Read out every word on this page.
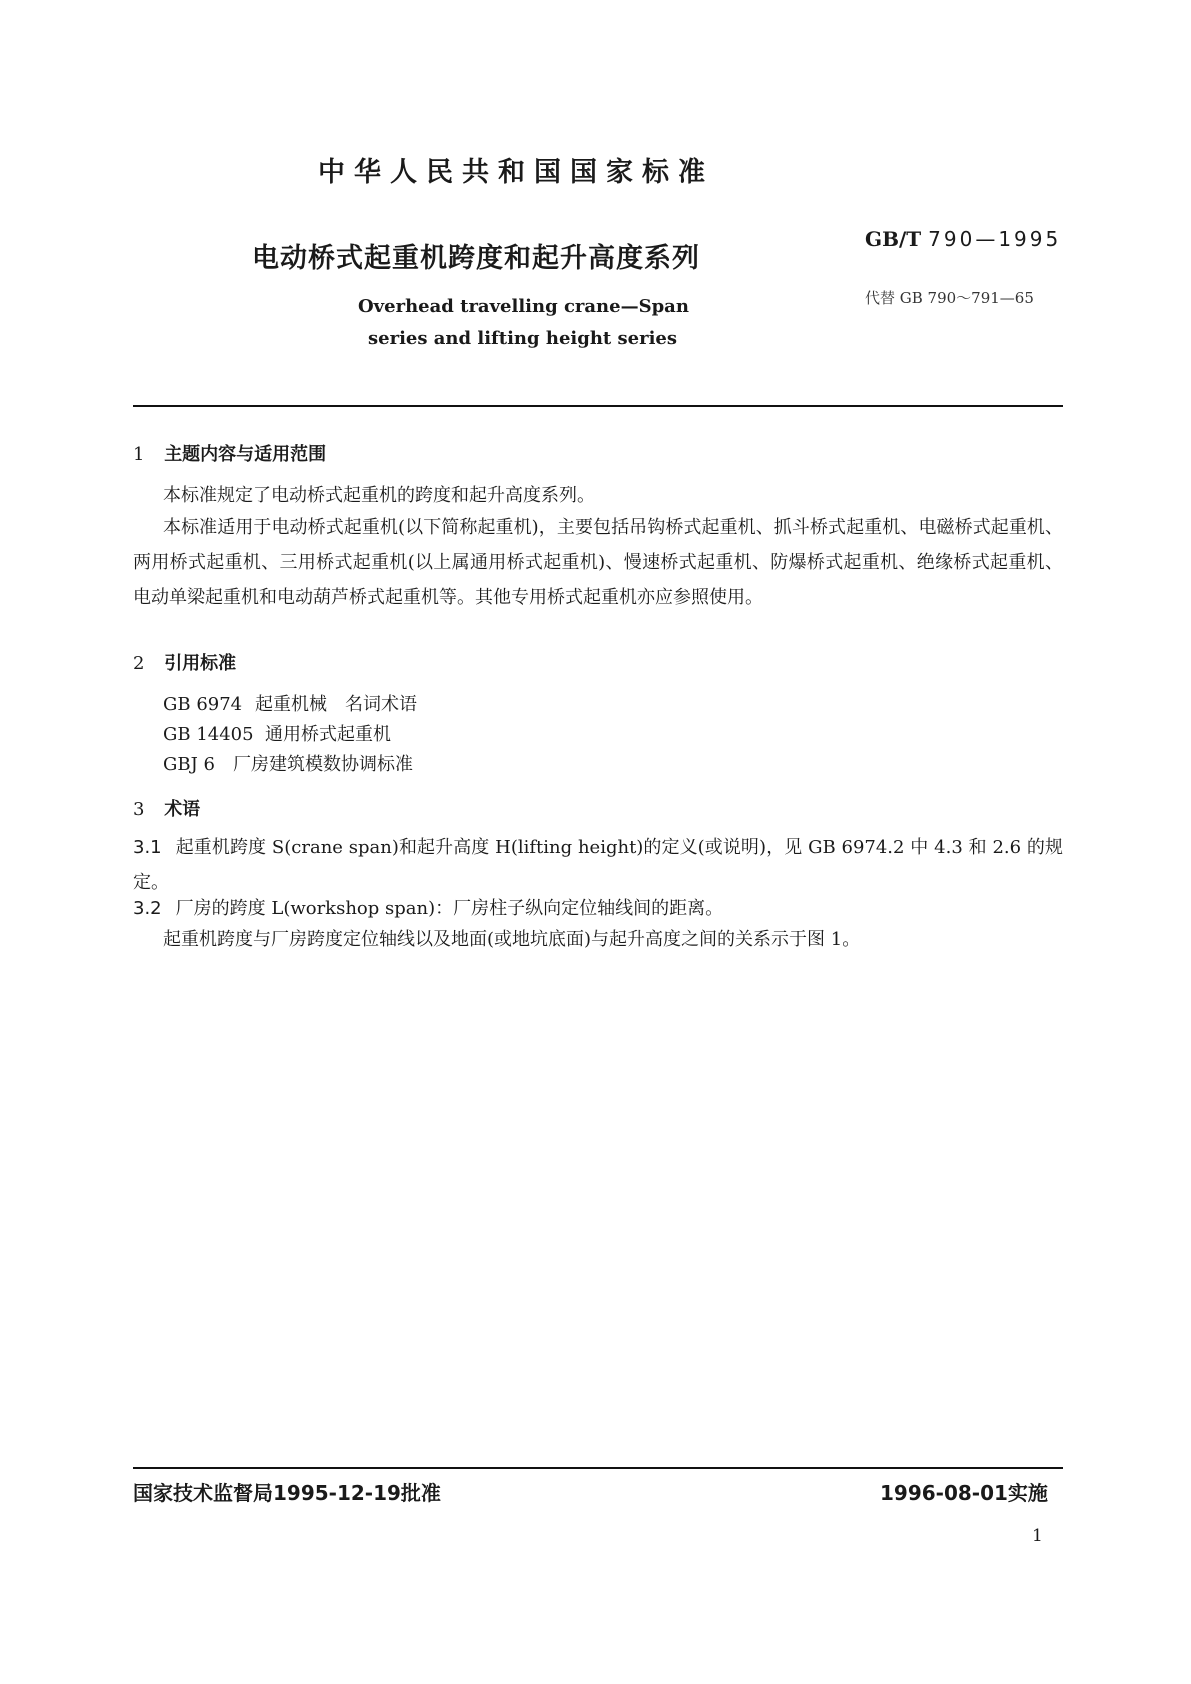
中华人民共和国国家标准
电动桥式起重机跨度和起升高度系列
Overhead travelling crane—Span
series and lifting height series
GB/T 790—1995
代替 GB 790～791—65
1 主题内容与适用范围
本标准规定了电动桥式起重机的跨度和起升高度系列。
本标准适用于电动桥式起重机(以下简称起重机)，主要包括吊钩桥式起重机、抓斗桥式起重机、电磁桥式起重机、两用桥式起重机、三用桥式起重机(以上属通用桥式起重机)、慢速桥式起重机、防爆桥式起重机、绝缘桥式起重机、电动单梁起重机和电动葫芦桥式起重机等。其他专用桥式起重机亦应参照使用。
2 引用标准
GB 6974 起重机械　名词术语
GB 14405 通用桥式起重机
GBJ 6 厂房建筑模数协调标准
3 术语
3.1 起重机跨度 S(crane span)和起升高度 H(lifting height)的定义(或说明)，见 GB 6974.2 中 4.3 和 2.6 的规定。
3.2 厂房的跨度 L(workshop span)：厂房柱子纵向定位轴线间的距离。
起重机跨度与厂房跨度定位轴线以及地面(或地坑底面)与起升高度之间的关系示于图 1。
国家技术监督局1995-12-19批准	1996-08-01实施
1
